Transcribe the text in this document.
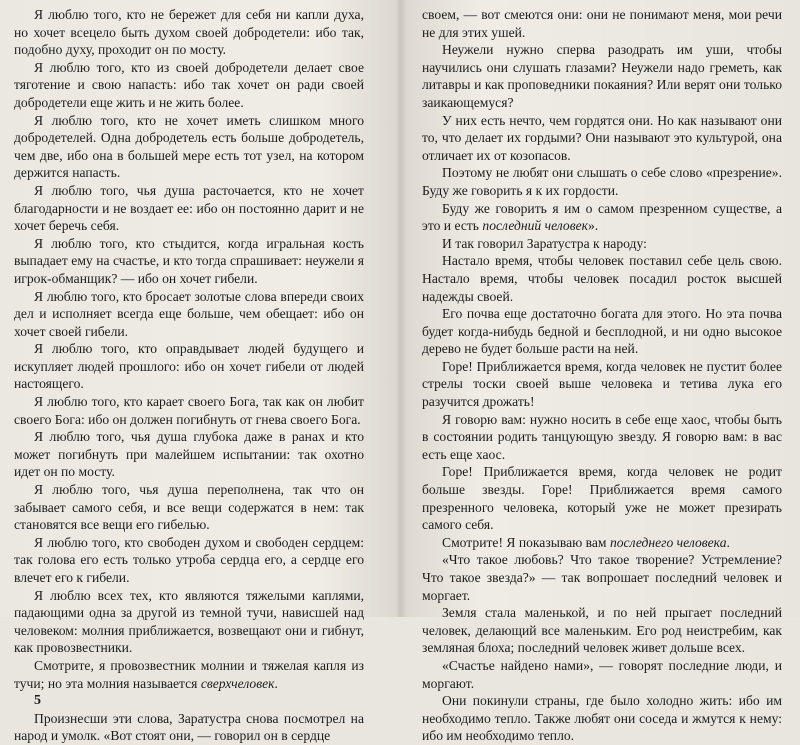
Я люблю того, кто не бережет для себя ни капли духа, но хочет всецело быть духом своей добродетели: ибо так, подобно духу, проходит он по мосту.

Я люблю того, кто из своей добродетели делает свое тяготение и свою напасть: ибо так хочет он ради своей добродетели еще жить и не жить более.

Я люблю того, кто не хочет иметь слишком много добродетелей. Одна добродетель есть больше добродетель, чем две, ибо она в большей мере есть тот узел, на котором держится напасть.

Я люблю того, чья душа расточается, кто не хочет благодарности и не воздает ее: ибо он постоянно дарит и не хочет беречь себя.

Я люблю того, кто стыдится, когда игральная кость выпадает ему на счастье, и кто тогда спрашивает: неужели я игрок-обманщик? — ибо он хочет гибели.

Я люблю того, кто бросает золотые слова впереди своих дел и исполняет всегда еще больше, чем обещает: ибо он хочет своей гибели.

Я люблю того, кто оправдывает людей будущего и искупляет людей прошлого: ибо он хочет гибели от людей настоящего.

Я люблю того, кто карает своего Бога, так как он любит своего Бога: ибо он должен погибнуть от гнева своего Бога.

Я люблю того, чья душа глубока даже в ранах и кто может погибнуть при малейшем испытании: так охотно идет он по мосту.

Я люблю того, чья душа переполнена, так что он забывает самого себя, и все вещи содержатся в нем: так становятся все вещи его гибелью.

Я люблю того, кто свободен духом и свободен сердцем: так голова его есть только утроба сердца его, а сердце его влечет его к гибели.

Я люблю всех тех, кто являются тяжелыми каплями, падающими одна за другой из темной тучи, нависшей над человеком: молния приближается, возвещают они и гибнут, как провозвестники.

Смотрите, я провозвестник молнии и тяжелая капля из тучи; но эта молния называется сверхчеловек.

5

Произнесши эти слова, Заратустра снова посмотрел на народ и умолк. «Вот стоят они, — говорил он в сердце

своем, — вот смеются они: они не понимают меня, мои речи не для этих ушей.

Неужели нужно сперва разодрать им уши, чтобы научились они слушать глазами? Неужели надо греметь, как литавры и как проповедники покаяния? Или верят они только заикающемуся?

У них есть нечто, чем гордятся они. Но как называют они то, что делает их гордыми? Они называют это культурой, она отличает их от козопасов.

Поэтому не любят они слышать о себе слово «презрение». Буду же говорить я к их гордости.

Буду же говорить я им о самом презренном существе, а это и есть последний человек».

И так говорил Заратустра к народу:

Настало время, чтобы человек поставил себе цель свою. Настало время, чтобы человек посадил росток высшей надежды своей.

Его почва еще достаточно богата для этого. Но эта почва будет когда-нибудь бедной и бесплодной, и ни одно высокое дерево не будет больше расти на ней.

Горе! Приближается время, когда человек не пустит более стрелы тоски своей выше человека и тетива лука его разучится дрожать!

Я говорю вам: нужно носить в себе еще хаос, чтобы быть в состоянии родить танцующую звезду. Я говорю вам: в вас есть еще хаос.

Горе! Приближается время, когда человек не родит больше звезды. Горе! Приближается время самого презренного человека, который уже не может презирать самого себя.

Смотрите! Я показываю вам последнего человека.

«Что такое любовь? Что такое творение? Устремление? Что такое звезда?» — так вопрошает последний человек и моргает.

Земля стала маленькой, и по ней прыгает последний человек, делающий все маленьким. Его род неистребим, как земляная блоха; последний человек живет дольше всех.

«Счастье найдено нами», — говорят последние люди, и моргают.

Они покинули страны, где было холодно жить: ибо им необходимо тепло. Также любят они соседа и жмутся к нему: ибо им необходимо тепло.
